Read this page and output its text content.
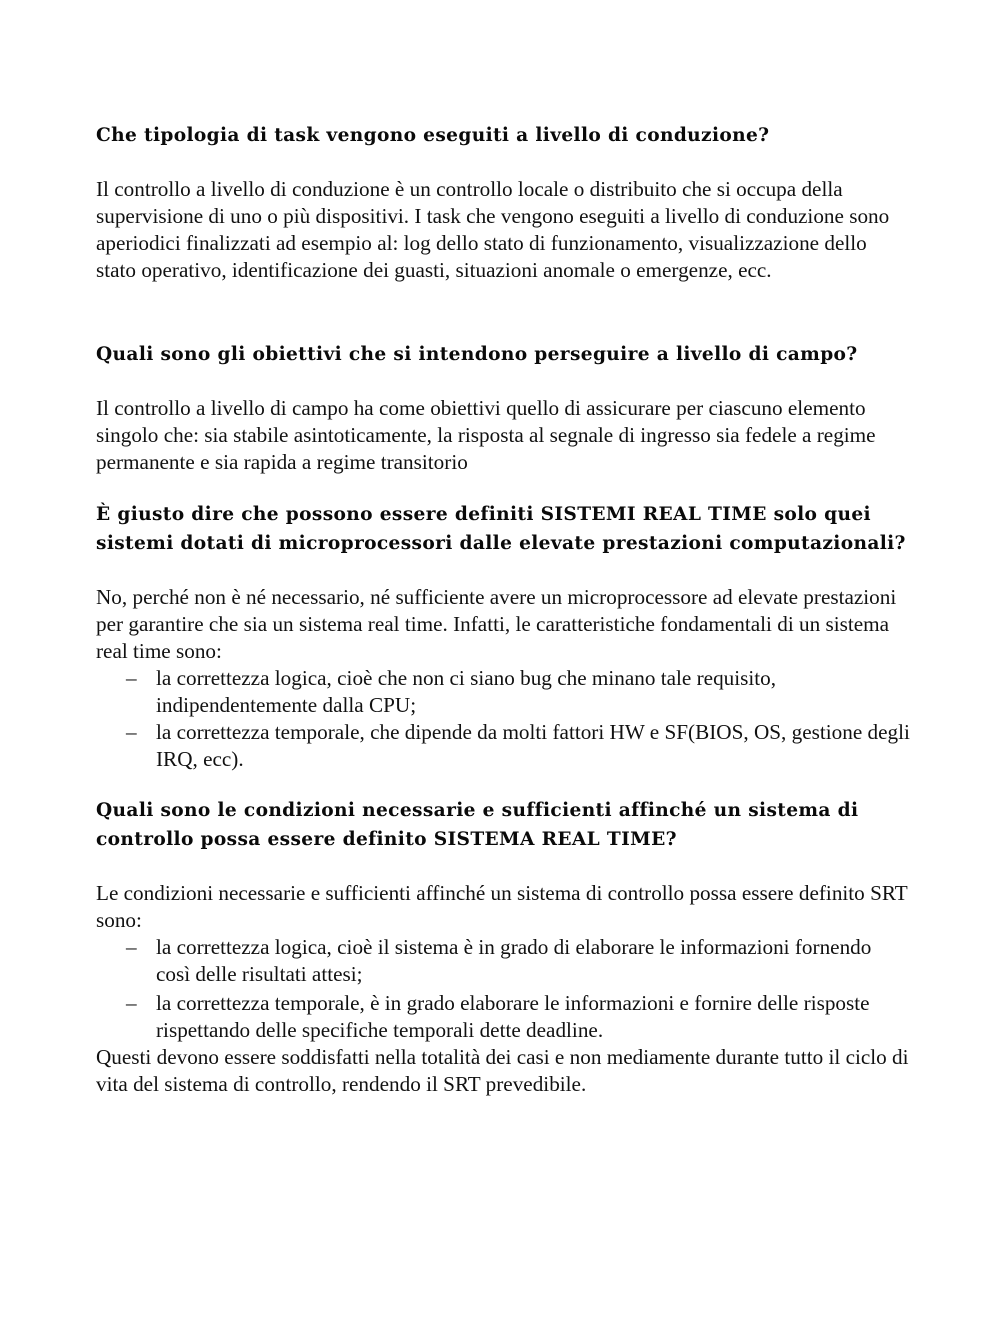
Che tipologia di task vengono eseguiti a livello di conduzione?

Il controllo a livello di conduzione è un controllo locale o distribuito che si occupa della supervisione di uno o più dispositivi. I task che vengono eseguiti a livello di conduzione sono aperiodici finalizzati ad esempio al: log dello stato di funzionamento, visualizzazione dello stato operativo, identificazione dei guasti, situazioni anomale o emergenze, ecc.

Quali sono gli obiettivi che si intendono perseguire a livello di campo?

Il controllo a livello di campo ha come obiettivi quello di assicurare per ciascuno elemento singolo che: sia stabile asintoticamente, la risposta al segnale di ingresso sia fedele a regime permanente e sia rapida a regime transitorio

È giusto dire che possono essere definiti SISTEMI REAL TIME solo quei sistemi dotati di microprocessori dalle elevate prestazioni computazionali?

No, perché non è né necessario, né sufficiente avere un microprocessore ad elevate prestazioni per garantire che sia un sistema real time. Infatti, le caratteristiche fondamentali di un sistema real time sono:

– la correttezza logica, cioè che non ci siano bug che minano tale requisito, indipendentemente dalla CPU;
– la correttezza temporale, che dipende da molti fattori HW e SF(BIOS, OS, gestione degli IRQ, ecc).
Quali sono le condizioni necessarie e sufficienti affinché un sistema di controllo possa essere definito SISTEMA REAL TIME?

Le condizioni necessarie e sufficienti affinché un sistema di controllo possa essere definito SRT sono:

– la correttezza logica, cioè il sistema è in grado di elaborare le informazioni fornendo così delle risultati attesi;
– la correttezza temporale, è in grado elaborare le informazioni e fornire delle risposte rispettando delle specifiche temporali dette deadline.

Questi devono essere soddisfatti nella totalità dei casi e non mediamente durante tutto il ciclo di vita del sistema di controllo, rendendo il SRT prevedibile.
